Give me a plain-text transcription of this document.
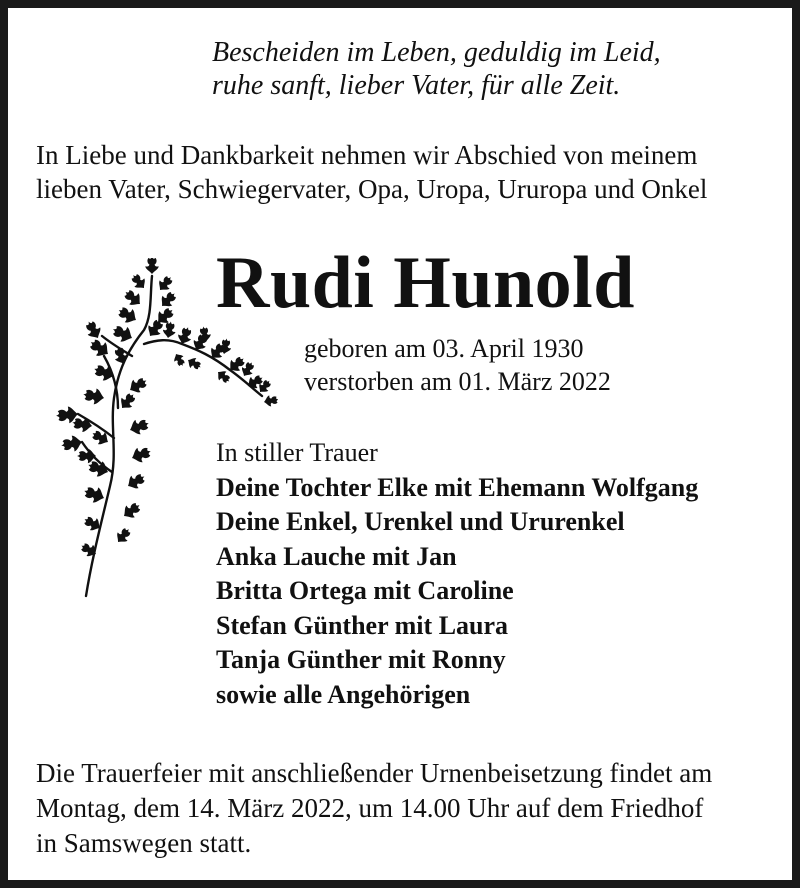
Bescheiden im Leben, geduldig im Leid,
ruhe sanft, lieber Vater, für alle Zeit.
In Liebe und Dankbarkeit nehmen wir Abschied von meinem
lieben Vater, Schwiegervater, Opa, Uropa, Ururopa und Onkel
Rudi Hunold
geboren am 03. April 1930
verstorben am 01. März 2022
In stiller Trauer
Deine Tochter Elke mit Ehemann Wolfgang
Deine Enkel, Urenkel und Ururenkel
Anka Lauche mit Jan
Britta Ortega mit Caroline
Stefan Günther mit Laura
Tanja Günther mit Ronny
sowie alle Angehörigen
Die Trauerfeier mit anschließender Urnenbeisetzung findet am
Montag, dem 14. März 2022, um 14.00 Uhr auf dem Friedhof
in Samswegen statt.
